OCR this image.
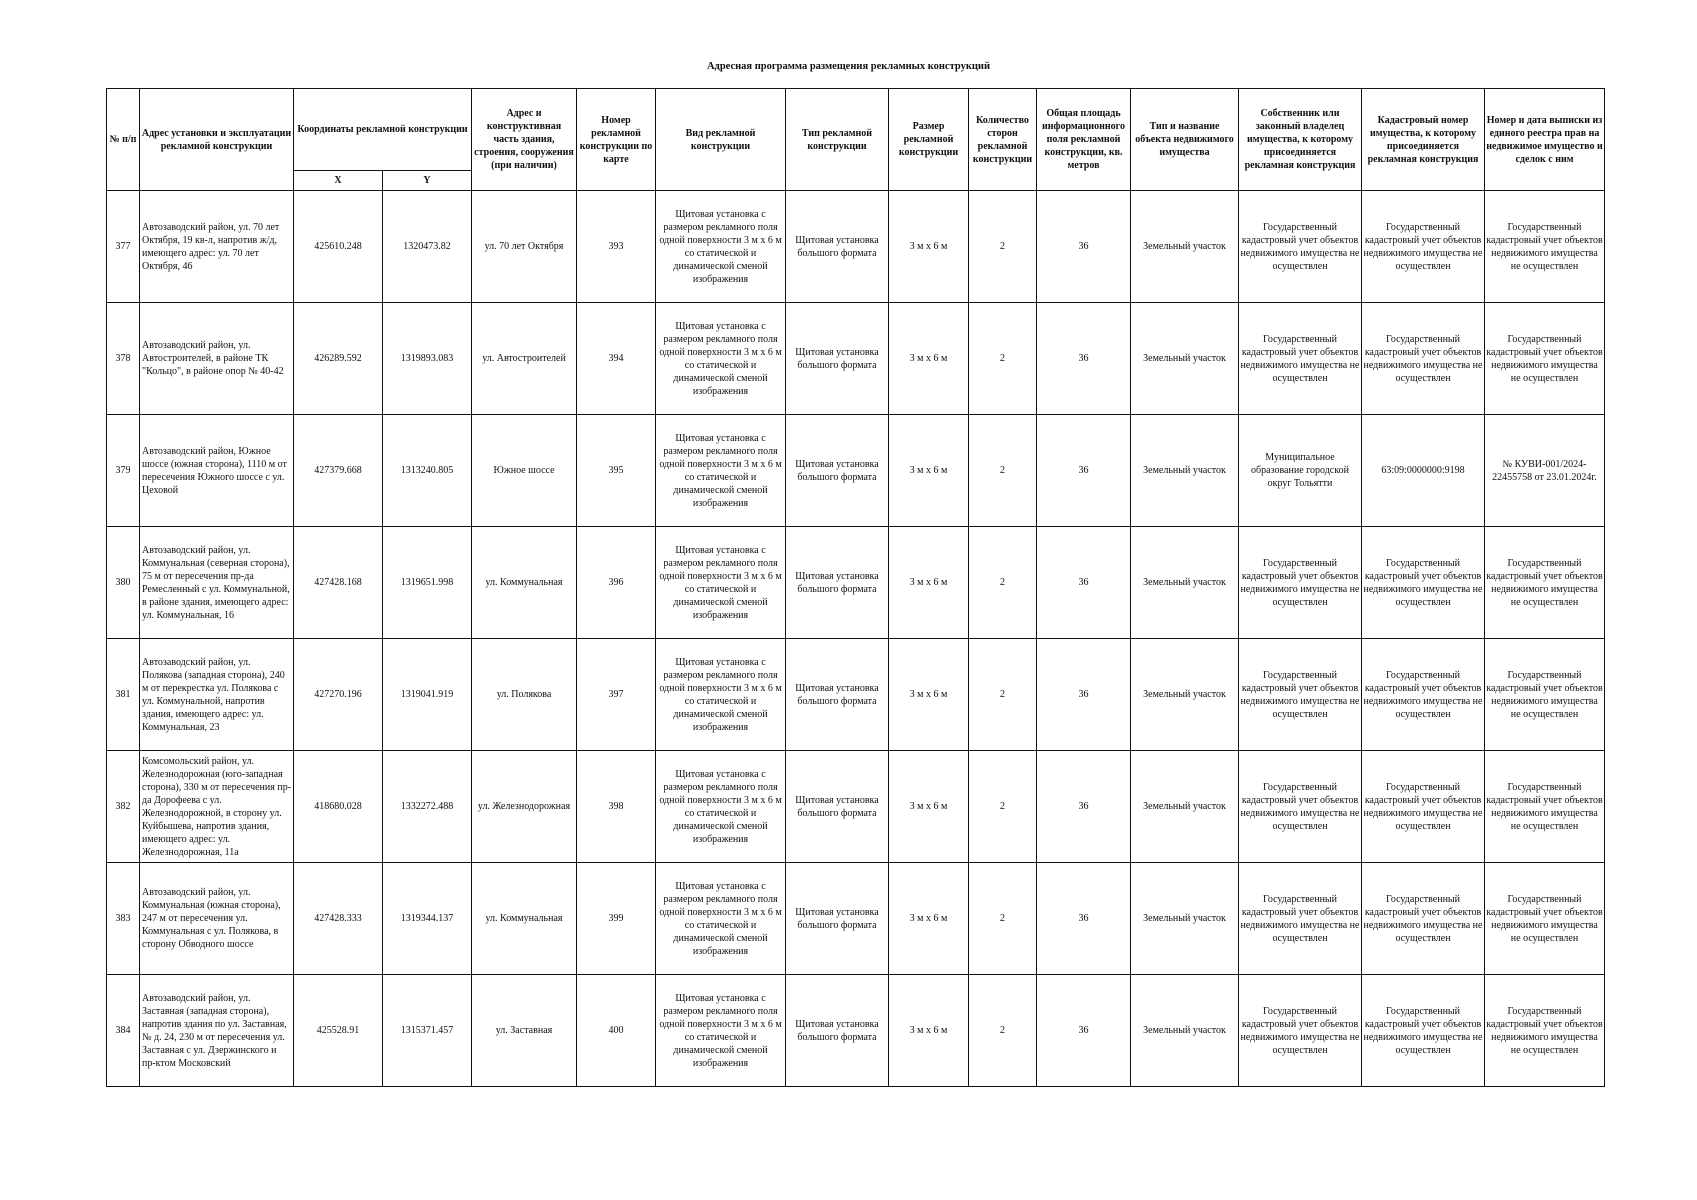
Адресная программа размещения рекламных конструкций
№ п/п	Адрес установки и эксплуатации рекламной конструкции	Координаты рекламной конструкции		Адрес и конструктивная часть здания, строения, сооружения (при наличии)	Номер рекламной конструкции по карте	Вид рекламной конструкции	Тип рекламной конструкции	Размер рекламной конструкции	Количество сторон рекламной конструкции	Общая площадь информационного поля рекламной конструкции, кв. метров	Тип и название объекта недвижимого имущества	Собственник или законный владелец имущества, к которому присоединяется рекламная конструкция	Кадастровый номер имущества, к которому присоединяется рекламная конструкция	Номер и дата выписки из единого реестра прав на недвижимое имущество и сделок с ним
		X	Y											
377	Автозаводский район, ул. 70 лет Октября, 19 кв-л, напротив ж/д, имеющего адрес: ул. 70 лет Октября, 46	425610.248	1320473.82	ул. 70 лет Октября	393	Щитовая установка с размером рекламного поля одной поверхности 3 м х 6 м со статической и динамической сменой изображения	Щитовая установка большого формата	3 м х 6 м	2	36	Земельный участок	Государственный кадастровый учет объектов недвижимого имущества не осуществлен	Государственный кадастровый учет объектов недвижимого имущества не осуществлен	Государственный кадастровый учет объектов недвижимого имущества не осуществлен
378	Автозаводский район, ул. Автостроителей, в районе ТК "Кольцо", в районе опор № 40-42	426289.592	1319893.083	ул. Автостроителей	394	Щитовая установка с размером рекламного поля одной поверхности 3 м х 6 м со статической и динамической сменой изображения	Щитовая установка большого формата	3 м х 6 м	2	36	Земельный участок	Государственный кадастровый учет объектов недвижимого имущества не осуществлен	Государственный кадастровый учет объектов недвижимого имущества не осуществлен	Государственный кадастровый учет объектов недвижимого имущества не осуществлен
379	Автозаводский район, Южное шоссе (южная сторона), 1110 м от пересечения Южного шоссе с ул. Цеховой	427379.668	1313240.805	Южное шоссе	395	Щитовая установка с размером рекламного поля одной поверхности 3 м х 6 м со статической и динамической сменой изображения	Щитовая установка большого формата	3 м х 6 м	2	36	Земельный участок	Муниципальное образование городской округ Тольятти	63:09:0000000:9198	№ КУВИ-001/2024-22455758 от 23.01.2024г.
380	Автозаводский район, ул. Коммунальная (северная сторона), 75 м от пересечения пр-да Ремесленный с ул. Коммунальной, в районе здания, имеющего адрес: ул. Коммунальная, 16	427428.168	1319651.998	ул. Коммунальная	396	Щитовая установка с размером рекламного поля одной поверхности 3 м х 6 м со статической и динамической сменой изображения	Щитовая установка большого формата	3 м х 6 м	2	36	Земельный участок	Государственный кадастровый учет объектов недвижимого имущества не осуществлен	Государственный кадастровый учет объектов недвижимого имущества не осуществлен	Государственный кадастровый учет объектов недвижимого имущества не осуществлен
381	Автозаводский район, ул. Полякова (западная сторона), 240 м от перекрестка ул. Полякова с ул. Коммунальной, напротив здания, имеющего адрес: ул. Коммунальная, 23	427270.196	1319041.919	ул. Полякова	397	Щитовая установка с размером рекламного поля одной поверхности 3 м х 6 м со статической и динамической сменой изображения	Щитовая установка большого формата	3 м х 6 м	2	36	Земельный участок	Государственный кадастровый учет объектов недвижимого имущества не осуществлен	Государственный кадастровый учет объектов недвижимого имущества не осуществлен	Государственный кадастровый учет объектов недвижимого имущества не осуществлен
382	Комсомольский район, ул. Железнодорожная (юго-западная сторона), 330 м от пересечения пр-да Дорофеева с ул. Железнодорожной, в сторону ул. Куйбышева, напротив здания, имеющего адрес: ул. Железнодорожная, 11а	418680.028	1332272.488	ул. Железнодорожная	398	Щитовая установка с размером рекламного поля одной поверхности 3 м х 6 м со статической и динамической сменой изображения	Щитовая установка большого формата	3 м х 6 м	2	36	Земельный участок	Государственный кадастровый учет объектов недвижимого имущества не осуществлен	Государственный кадастровый учет объектов недвижимого имущества не осуществлен	Государственный кадастровый учет объектов недвижимого имущества не осуществлен
383	Автозаводский район, ул. Коммунальная (южная сторона), 247 м от пересечения ул. Коммунальная с ул. Полякова, в сторону Обводного шоссе	427428.333	1319344.137	ул. Коммунальная	399	Щитовая установка с размером рекламного поля одной поверхности 3 м х 6 м со статической и динамической сменой изображения	Щитовая установка большого формата	3 м х 6 м	2	36	Земельный участок	Государственный кадастровый учет объектов недвижимого имущества не осуществлен	Государственный кадастровый учет объектов недвижимого имущества не осуществлен	Государственный кадастровый учет объектов недвижимого имущества не осуществлен
384	Автозаводский район, ул. Заставная (западная сторона), напротив здания по ул. Заставная, № д. 24, 230 м от пересечения ул. Заставная с ул. Дзержинского и пр-ктом Московский	425528.91	1315371.457	ул. Заставная	400	Щитовая установка с размером рекламного поля одной поверхности 3 м х 6 м со статической и динамической сменой изображения	Щитовая установка большого формата	3 м х 6 м	2	36	Земельный участок	Государственный кадастровый учет объектов недвижимого имущества не осуществлен	Государственный кадастровый учет объектов недвижимого имущества не осуществлен	Государственный кадастровый учет объектов недвижимого имущества не осуществлен
